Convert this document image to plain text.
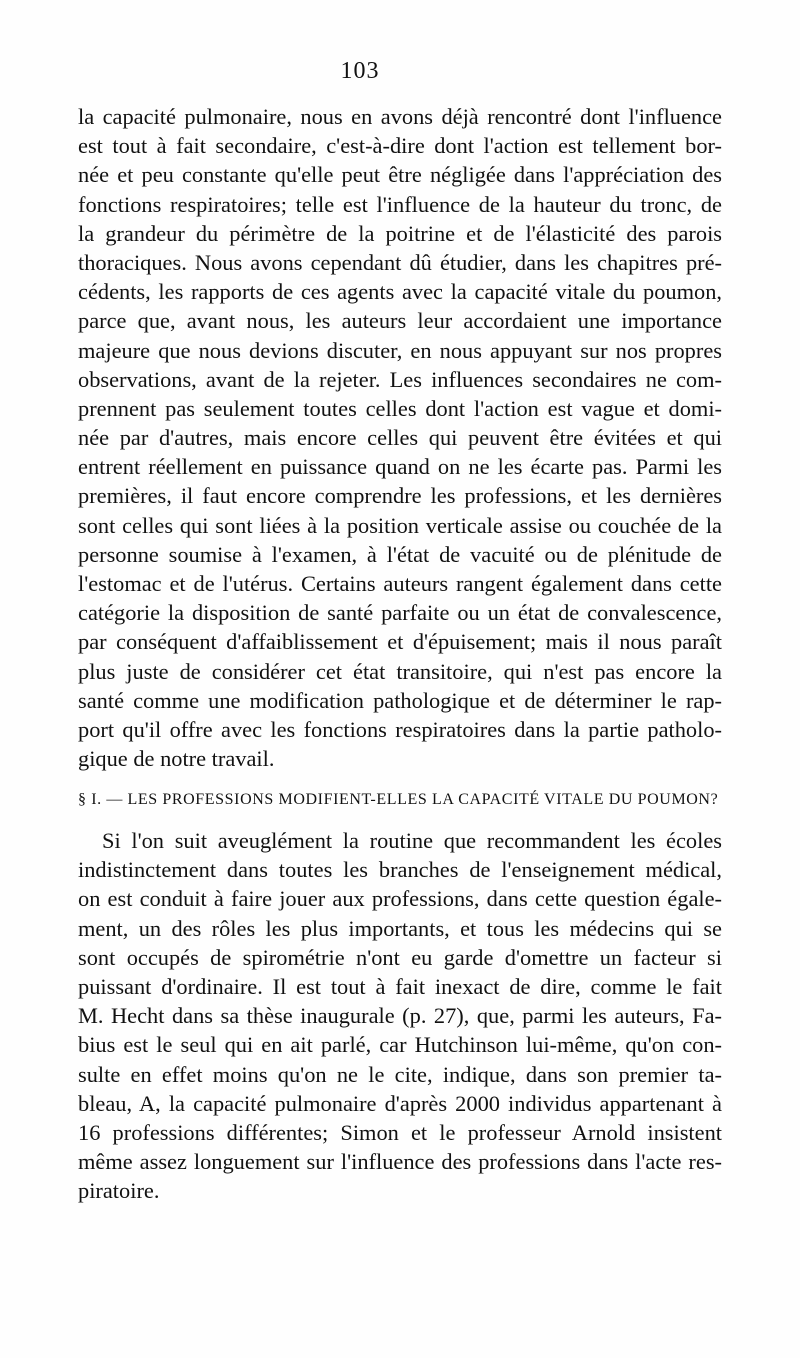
103
la capacité pulmonaire, nous en avons déjà rencontré dont l'influence
est tout à fait secondaire, c'est-à-dire dont l'action est tellement bor-
née et peu constante qu'elle peut être négligée dans l'appréciation des
fonctions respiratoires; telle est l'influence de la hauteur du tronc, de
la grandeur du périmètre de la poitrine et de l'élasticité des parois
thoraciques. Nous avons cependant dû étudier, dans les chapitres pré-
cédents, les rapports de ces agents avec la capacité vitale du poumon,
parce que, avant nous, les auteurs leur accordaient une importance
majeure que nous devions discuter, en nous appuyant sur nos propres
observations, avant de la rejeter. Les influences secondaires ne com-
prennent pas seulement toutes celles dont l'action est vague et domi-
née par d'autres, mais encore celles qui peuvent être évitées et qui
entrent réellement en puissance quand on ne les écarte pas. Parmi les
premières, il faut encore comprendre les professions, et les dernières
sont celles qui sont liées à la position verticale assise ou couchée de la
personne soumise à l'examen, à l'état de vacuité ou de plénitude de
l'estomac et de l'utérus. Certains auteurs rangent également dans cette
catégorie la disposition de santé parfaite ou un état de convalescence,
par conséquent d'affaiblissement et d'épuisement; mais il nous paraît
plus juste de considérer cet état transitoire, qui n'est pas encore la
santé comme une modification pathologique et de déterminer le rap-
port qu'il offre avec les fonctions respiratoires dans la partie patholo-
gique de notre travail.
§ I. — LES PROFESSIONS MODIFIENT-ELLES LA CAPACITÉ VITALE DU POUMON?
Si l'on suit aveuglément la routine que recommandent les écoles
indistinctement dans toutes les branches de l'enseignement médical,
on est conduit à faire jouer aux professions, dans cette question égale-
ment, un des rôles les plus importants, et tous les médecins qui se
sont occupés de spirométrie n'ont eu garde d'omettre un facteur si
puissant d'ordinaire. Il est tout à fait inexact de dire, comme le fait
M. Hecht dans sa thèse inaugurale (p. 27), que, parmi les auteurs, Fa-
bius est le seul qui en ait parlé, car Hutchinson lui-même, qu'on con-
sulte en effet moins qu'on ne le cite, indique, dans son premier ta-
bleau, A, la capacité pulmonaire d'après 2000 individus appartenant à
16 professions différentes; Simon et le professeur Arnold insistent
même assez longuement sur l'influence des professions dans l'acte res-
piratoire.
